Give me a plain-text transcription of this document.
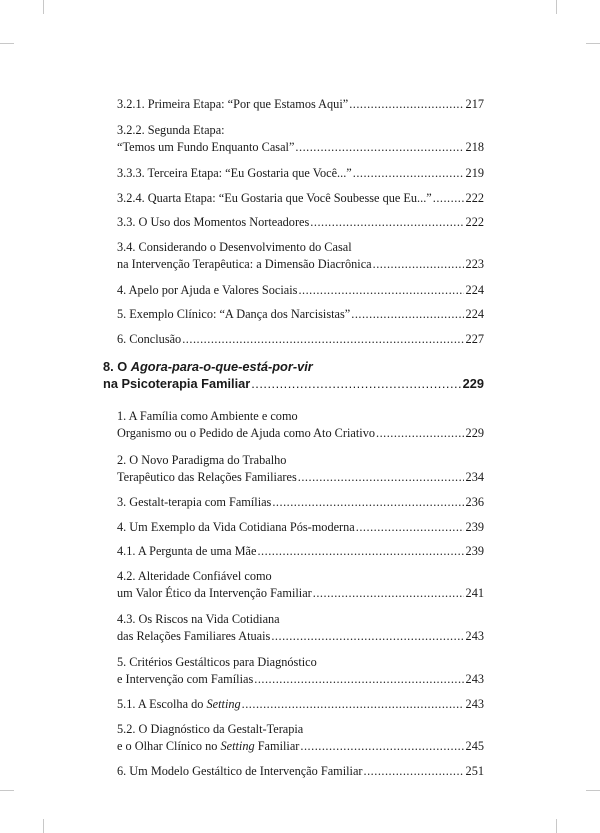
3.2.1. Primeira Etapa: “Por que Estamos Aqui” .....	217
3.2.2. Segunda Etapa:
“Temos um Fundo Enquanto Casal” .....	218
3.3.3. Terceira Etapa: “Eu Gostaria que Você...” .....	219
3.2.4. Quarta Etapa: “Eu Gostaria que Você Soubesse que Eu...” .....	222
3.3. O Uso dos Momentos Norteadores .....	222
3.4. Considerando o Desenvolvimento do Casal
na Intervenção Terapêutica: a Dimensão Diacrônica .....	223
4. Apelo por Ajuda e Valores Sociais .....	224
5. Exemplo Clínico: “A Dança dos Narcisistas” .....	224
6. Conclusão .....	227
8. O Agora-para-o-que-está-por-vir
na Psicoterapia Familiar .....	229
1. A Família como Ambiente e como
Organismo ou o Pedido de Ajuda como Ato Criativo .....	229
2. O Novo Paradigma do Trabalho
Terapêutico das Relações Familiares .....	234
3. Gestalt-terapia com Famílias .....	236
4. Um Exemplo da Vida Cotidiana Pós-moderna .....	239
4.1. A Pergunta de uma Mãe .....	239
4.2. Alteridade Confiável como
um Valor Ético da Intervenção Familiar .....	241
4.3. Os Riscos na Vida Cotidiana
das Relações Familiares Atuais .....	243
5. Critérios Gestálticos para Diagnóstico
e Intervenção com Famílias .....	243
5.1. A Escolha do Setting .....	243
5.2. O Diagnóstico da Gestalt-Terapia
e o Olhar Clínico no Setting Familiar .....	245
6. Um Modelo Gestáltico de Intervenção Familiar .....	251
